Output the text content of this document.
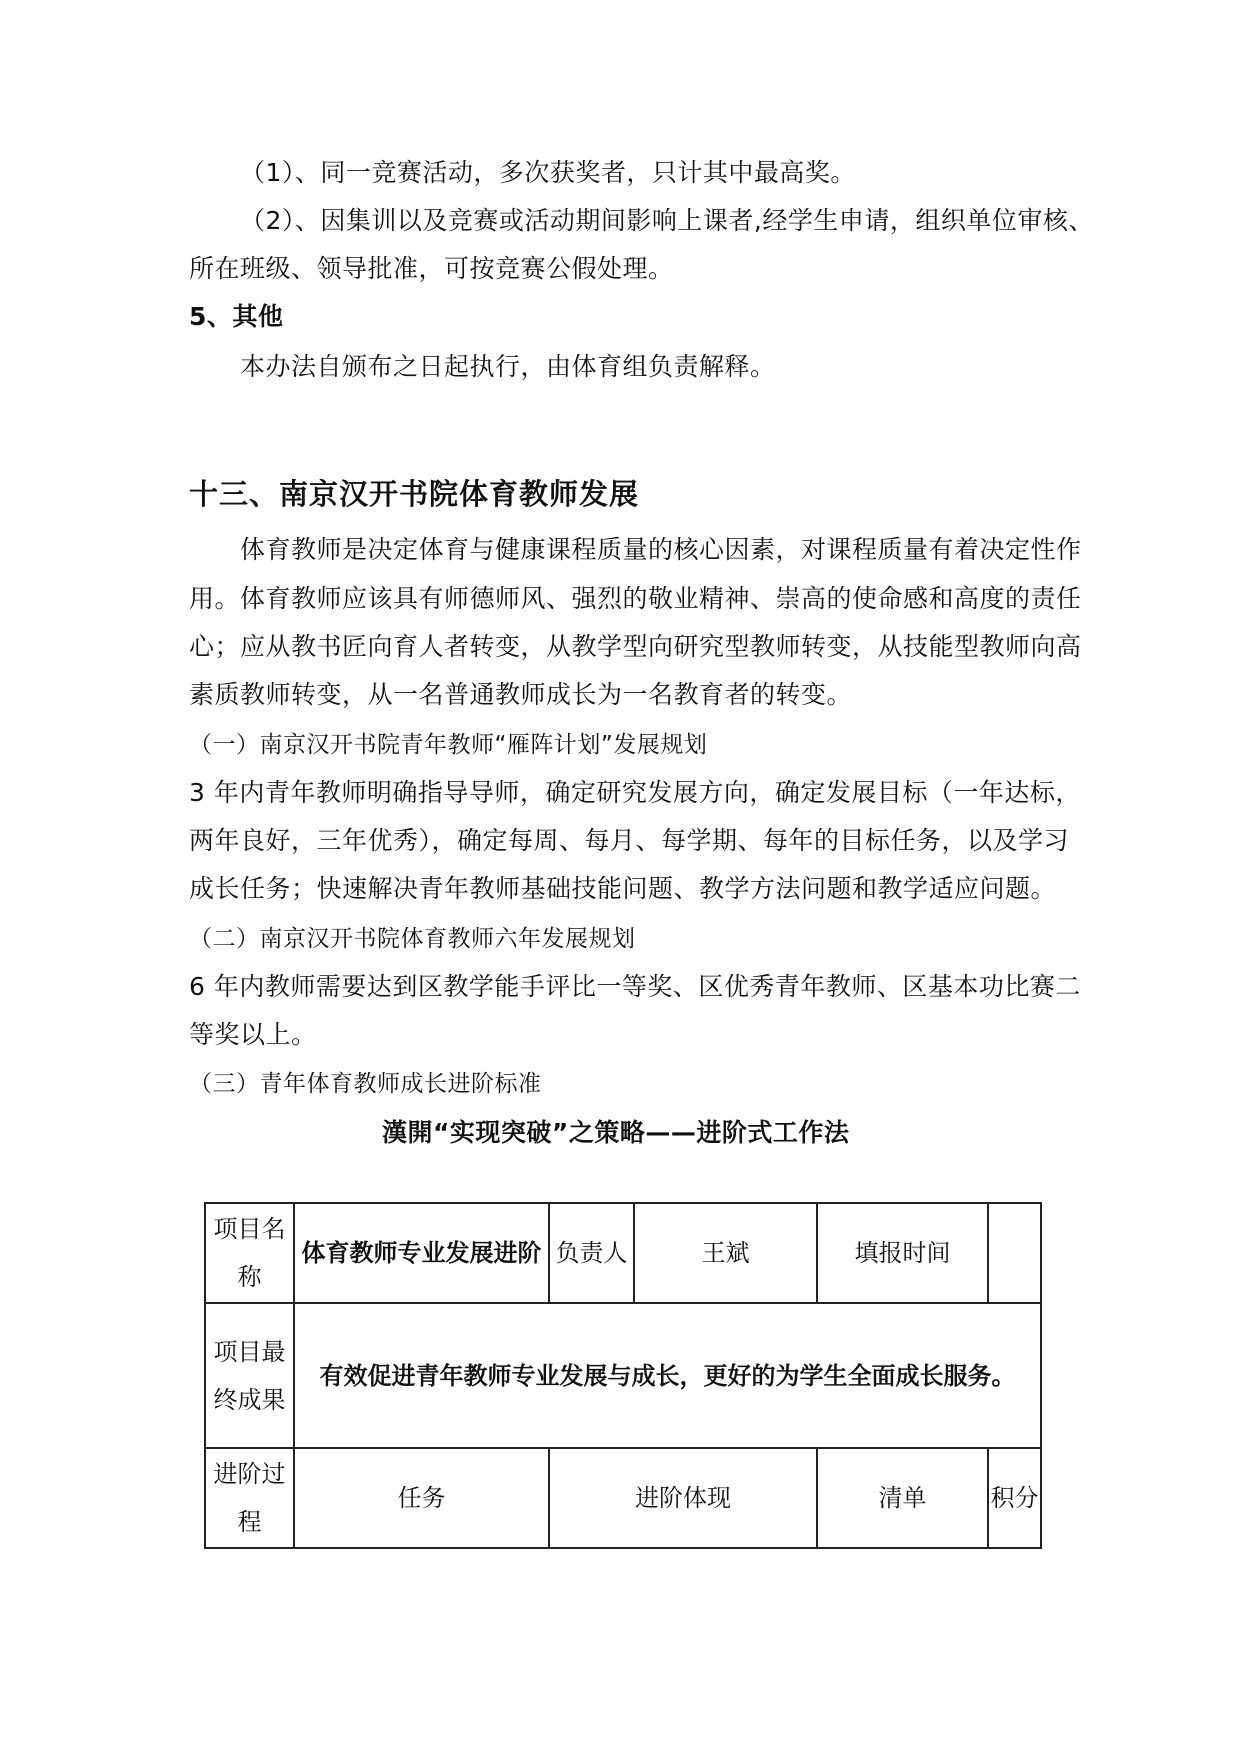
（1）、同一竞赛活动，多次获奖者，只计其中最高奖。
（2）、因集训以及竞赛或活动期间影响上课者,经学生申请，组织单位审核、
所在班级、领导批准，可按竞赛公假处理。
5、其他
本办法自颁布之日起执行，由体育组负责解释。
十三、南京汉开书院体育教师发展
体育教师是决定体育与健康课程质量的核心因素，对课程质量有着决定性作
用。体育教师应该具有师德师风、强烈的敬业精神、崇高的使命感和高度的责任
心；应从教书匠向育人者转变，从教学型向研究型教师转变，从技能型教师向高
素质教师转变，从一名普通教师成长为一名教育者的转变。
（一）南京汉开书院青年教师“雁阵计划”发展规划
3 年内青年教师明确指导导师，确定研究发展方向，确定发展目标（一年达标，
两年良好，三年优秀），确定每周、每月、每学期、每年的目标任务，以及学习
成长任务；快速解决青年教师基础技能问题、教学方法问题和教学适应问题。
（二）南京汉开书院体育教师六年发展规划
6 年内教师需要达到区教学能手评比一等奖、区优秀青年教师、区基本功比赛二
等奖以上。
（三）青年体育教师成长进阶标准
漢開“实现突破”之策略——进阶式工作法
项目名称	体育教师专业发展进阶	负责人	王斌	填报时间	
项目最终成果	有效促进青年教师专业发展与成长，更好的为学生全面成长服务。				
进阶过程	任务	进阶体现		清单	积分
